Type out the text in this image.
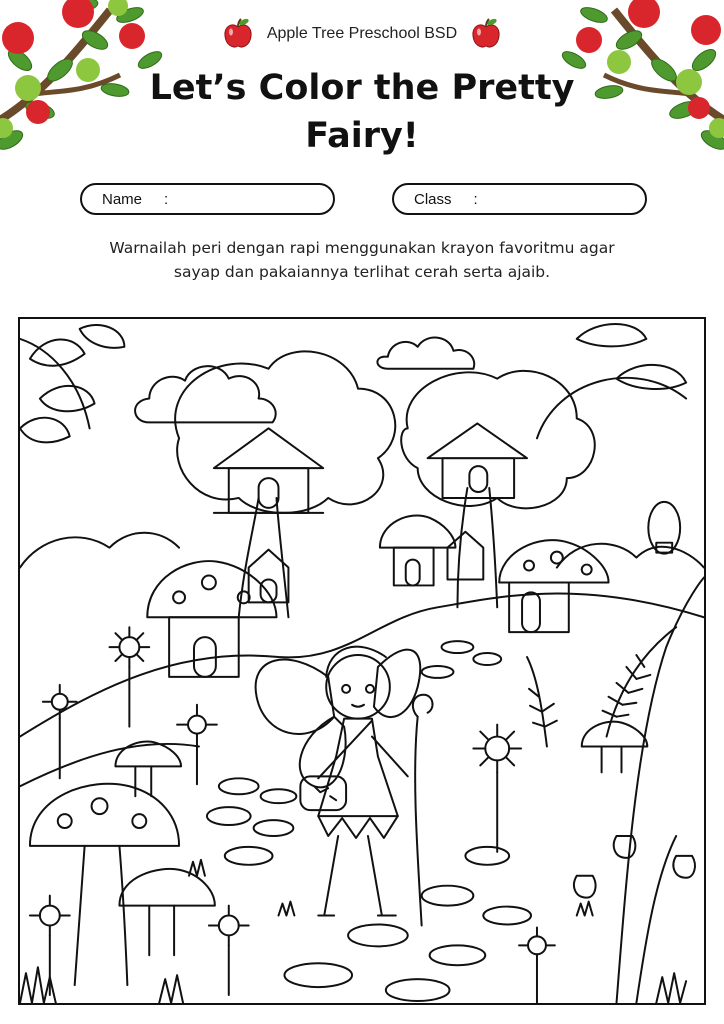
Apple Tree Preschool BSD
Let’s Color the Pretty
Fairy!
Name :	Class :
Warnailah peri dengan rapi menggunakan krayon favoritmu agar
sayap dan pakaiannya terlihat cerah serta ajaib.
